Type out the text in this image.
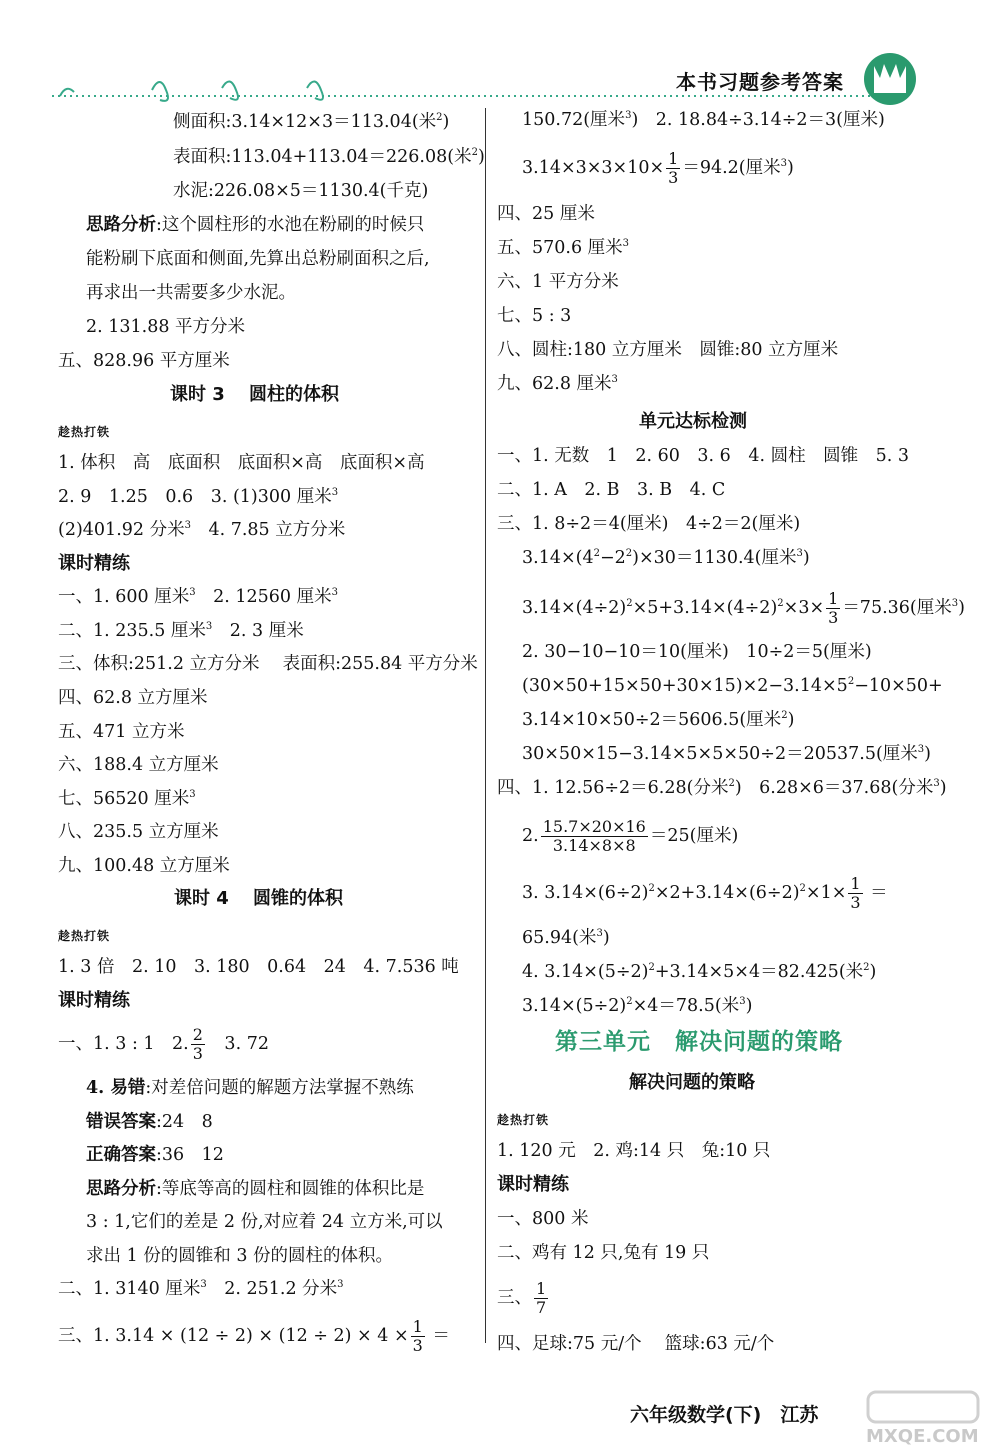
本书习题参考答案
侧面积:3.14×12×3＝113.04(米$^2$)
表面积:113.04+113.04＝226.08(米$^2$)
水泥:226.08×5＝1130.4(千克)
思路分析:这个圆柱形的水池在粉刷的时候只
能粉刷下底面和侧面,先算出总粉刷面积之后,
再求出一共需要多少水泥。
2. 131.88 平方分米
五、828.96 平方厘米
课时 3　 圆柱的体积
趁热打铁
1. 体积　高　底面积　底面积×高　底面积×高
2. 9　1.25　0.6　3. (1)300 厘米$^3$
(2)401.92 分米$^3$　4. 7.85 立方分米
课时精练
一、1. 600 厘米$^3$　2. 12560 厘米$^3$
二、1. 235.5 厘米$^3$　2. 3 厘米
三、体积:251.2 立方分米　 表面积:255.84 平方分米
四、62.8 立方厘米
五、471 立方米
六、188.4 立方厘米
七、56520 厘米$^3$
八、235.5 立方厘米
九、100.48 立方厘米
课时 4　 圆锥的体积
趁热打铁
1. 3 倍　2. 10　3. 180　0.64　24　4. 7.536 吨
课时精练
一、1. 3 : 1　2. $\frac{2}{3}$ 　3. 72
4. 易错:对差倍问题的解题方法掌握不熟练
错误答案:24　8
正确答案:36　12
思路分析:等底等高的圆柱和圆锥的体积比是
3 : 1,它们的差是 2 份,对应着 24 立方米,可以
求出 1 份的圆锥和 3 份的圆柱的体积。
二、1. 3140 厘米$^3$　2. 251.2 分米$^3$
三、1. $3.14 \times (12 \div 2) \times (12 \div 2) \times 4 \times \frac{1}{3}$ ＝
150.72(厘米$^3$)　2. 18.84÷3.14÷2＝3(厘米)
$3.14\times 3\times 3\times 10\times \frac{1}{3} =94.2$(厘米$^3$)
四、25 厘米
五、570.6 厘米$^3$
六、1 平方分米
七、5 : 3
八、圆柱:180 立方厘米　圆锥:80 立方厘米
九、62.8 厘米$^3$
单元达标检测
一、1. 无数　1　2. 60　3. 6　4. 圆柱　圆锥　5. 3
二、1. A　2. B　3. B　4. C
三、1. 8÷2＝4(厘米)　4÷2＝2(厘米)
$3.14\times(4^2-2^2)\times 30=1130.4$(厘米$^3$)
$3.14\times(4\div 2)^2\times 5+3.14\times(4\div 2)^2\times 3\times \frac{1}{3} =75.36$(厘米$^3$)
2. 30−10−10＝10(厘米)　10÷2＝5(厘米)
$(30\times 50+15\times 50+30\times 15)\times 2-3.14\times 5^2-10\times 50+$
3.14×10×50÷2＝5606.5(厘米$^2$)
30×50×15−3.14×5×5×50÷2＝20537.5(厘米$^3$)
四、1. 12.56÷2＝6.28(分米$^2$)　6.28×6＝37.68(分米$^3$)
2. $\frac{15.7\times 20\times 16}{3.14\times 8\times 8} =25$(厘米)
3. $3.14\times(6\div 2)^2\times 2+3.14\times(6\div 2)^2\times 1\times \frac{1}{3}$ ＝
65.94(米$^3$)
4. $3.14\times(5\div 2)^2+3.14\times 5\times 4=82.425$(米$^2$)
$3.14\times(5\div 2)^2\times 4=78.5$(米$^3$)
第三单元　解决问题的策略
解决问题的策略
趁热打铁
1. 120 元　2. 鸡:14 只　兔:10 只
课时精练
一、800 米
二、鸡有 12 只,兔有 19 只
三、 $\frac{1}{7}$
四、足球:75 元/个　 篮球:63 元/个
六年级数学(下)　江苏
MXQE.COM
